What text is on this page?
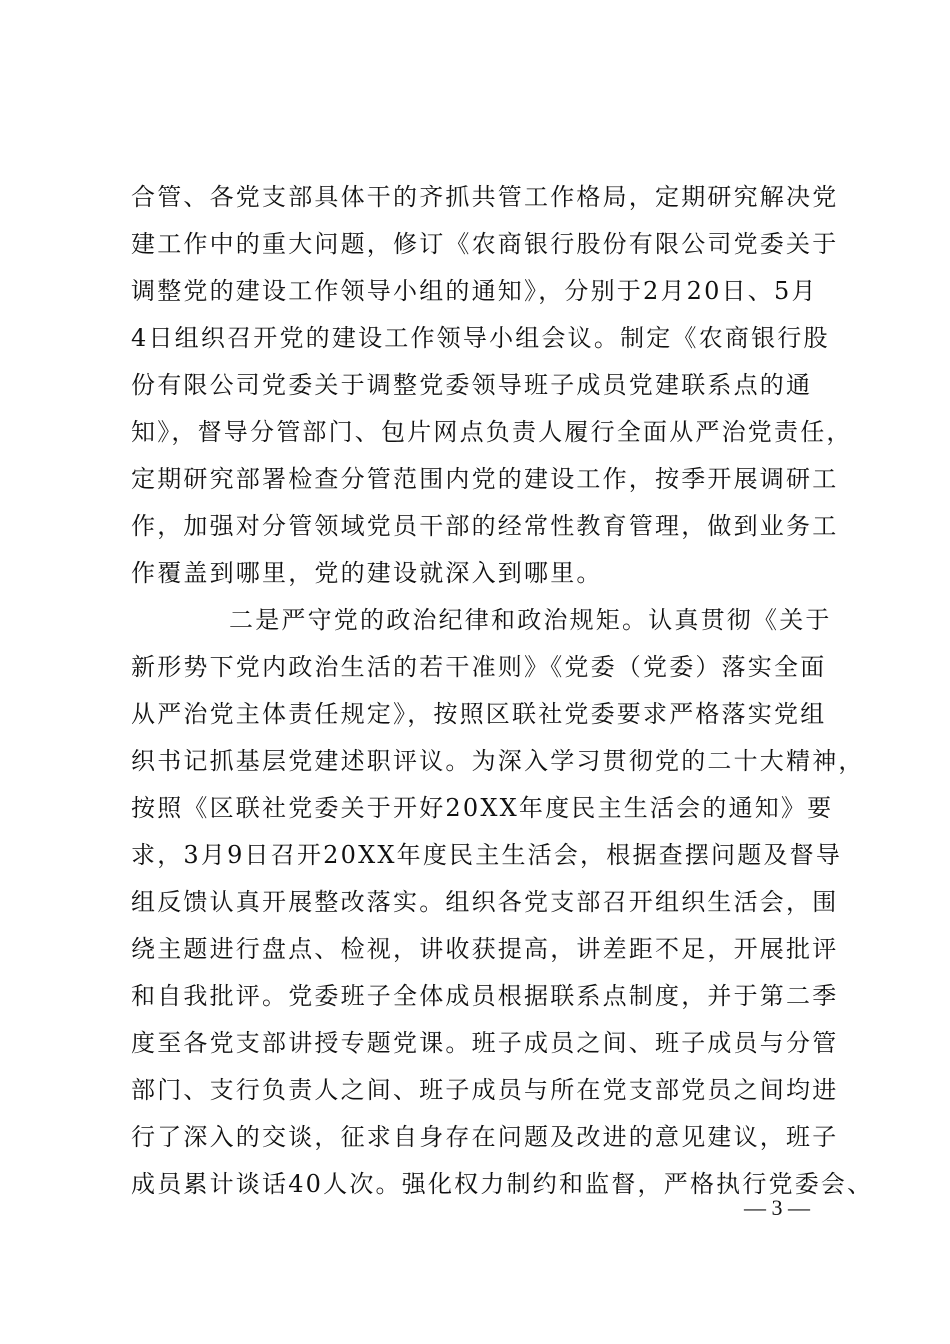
合管、各党支部具体干的齐抓共管工作格局，定期研究解决党
建工作中的重大问题，修订《农商银行股份有限公司党委关于
调整党的建设工作领导小组的通知》，分别于2月20日、5月
4日组织召开党的建设工作领导小组会议。制定《农商银行股
份有限公司党委关于调整党委领导班子成员党建联系点的通
知》，督导分管部门、包片网点负责人履行全面从严治党责任，
定期研究部署检查分管范围内党的建设工作，按季开展调研工
作，加强对分管领域党员干部的经常性教育管理，做到业务工
作覆盖到哪里，党的建设就深入到哪里。
二是严守党的政治纪律和政治规矩。认真贯彻《关于
新形势下党内政治生活的若干准则》《党委（党委）落实全面
从严治党主体责任规定》，按照区联社党委要求严格落实党组
织书记抓基层党建述职评议。为深入学习贯彻党的二十大精神，
按照《区联社党委关于开好20XX年度民主生活会的通知》要
求，3月9日召开20XX年度民主生活会，根据查摆问题及督导
组反馈认真开展整改落实。组织各党支部召开组织生活会，围
绕主题进行盘点、检视，讲收获提高，讲差距不足，开展批评
和自我批评。党委班子全体成员根据联系点制度，并于第二季
度至各党支部讲授专题党课。班子成员之间、班子成员与分管
部门、支行负责人之间、班子成员与所在党支部党员之间均进
行了深入的交谈，征求自身存在问题及改进的意见建议，班子
成员累计谈话40人次。强化权力制约和监督，严格执行党委会、
— 3 —
